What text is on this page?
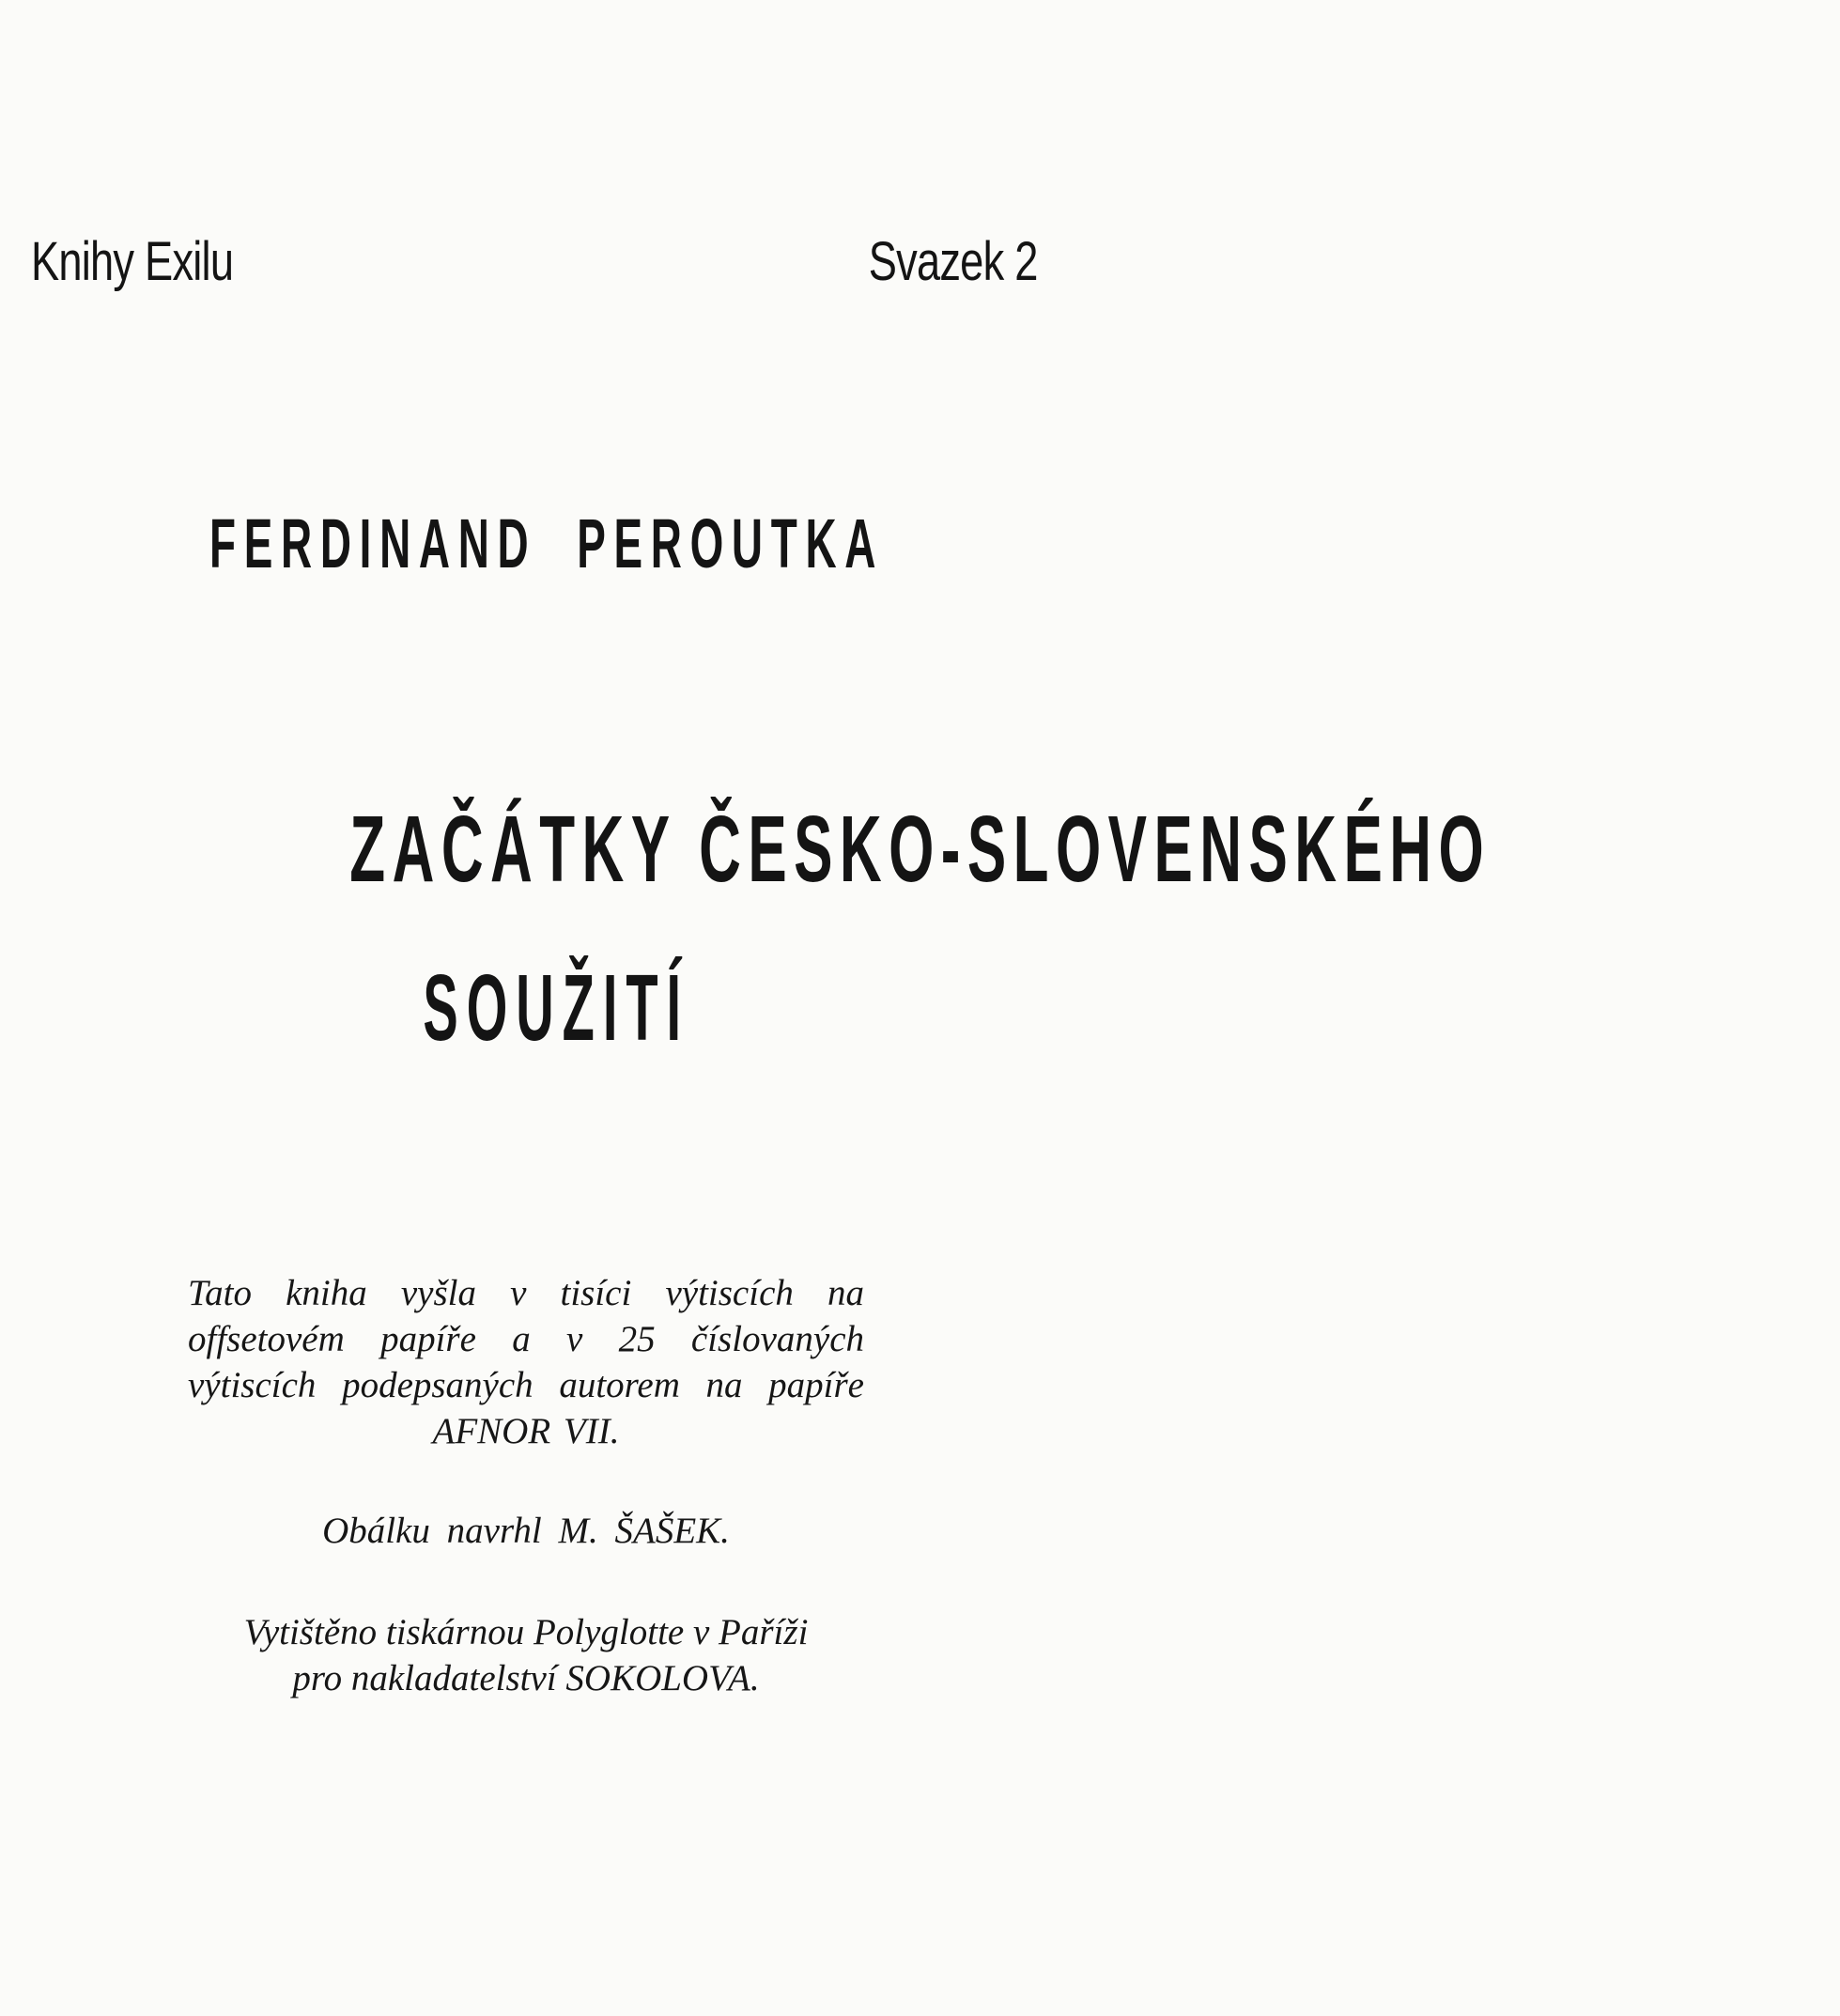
Knihy Exilu	Svazek 2
FERDINAND  PEROUTKA
ZAČÁTKY ČESKO-SLOVENSKÉHO
SOUŽITÍ

Tato kniha vyšla v tisíci výtiscích na offsetovém papíře a v 25 číslovaných výtiscích podepsaných autorem na papíře AFNOR VII.

Obálku navrhl M. ŠAŠEK.

Vytištěno tiskárnou Polyglotte v Paříži

pro nakladatelství SOKOLOVA.
